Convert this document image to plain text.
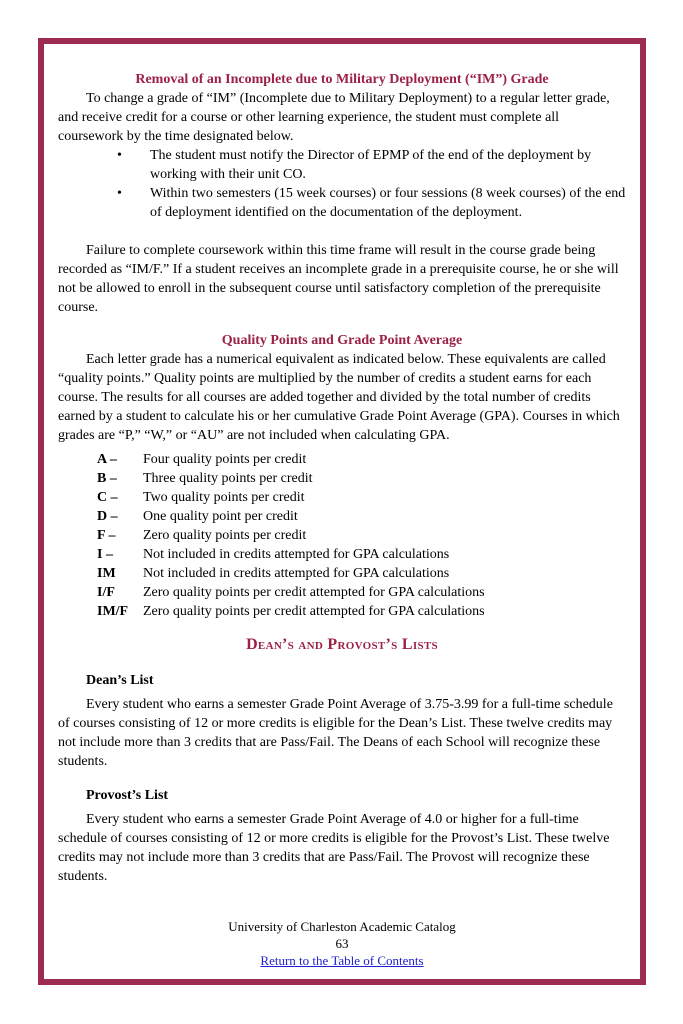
Removal of an Incomplete due to Military Deployment (“IM”) Grade

To change a grade of “IM” (Incomplete due to Military Deployment) to a regular letter grade, and receive credit for a course or other learning experience, the student must complete all coursework by the time designated below.

•	The student must notify the Director of EPMP of the end of the deployment by working with their unit CO.
•	Within two semesters (15 week courses) or four sessions (8 week courses) of the end of deployment identified on the documentation of the deployment.

Failure to complete coursework within this time frame will result in the course grade being recorded as “IM/F.” If a student receives an incomplete grade in a prerequisite course, he or she will not be allowed to enroll in the subsequent course until satisfactory completion of the prerequisite course.

Quality Points and Grade Point Average

Each letter grade has a numerical equivalent as indicated below. These equivalents are called “quality points.” Quality points are multiplied by the number of credits a student earns for each course. The results for all courses are added together and divided by the total number of credits earned by a student to calculate his or her cumulative Grade Point Average (GPA). Courses in which grades are “P,” “W,” or “AU” are not included when calculating GPA.

A –	Four quality points per credit
B –	Three quality points per credit
C –	Two quality points per credit
D –	One quality point per credit
F –	Zero quality points per credit
I –	Not included in credits attempted for GPA calculations
IM	Not included in credits attempted for GPA calculations
I/F	Zero quality points per credit attempted for GPA calculations
IM/F	Zero quality points per credit attempted for GPA calculations
Dean’s and Provost’s Lists
Dean’s List

Every student who earns a semester Grade Point Average of 3.75-3.99 for a full-time schedule of courses consisting of 12 or more credits is eligible for the Dean’s List. These twelve credits may not include more than 3 credits that are Pass/Fail. The Deans of each School will recognize these students.

Provost’s List

Every student who earns a semester Grade Point Average of 4.0 or higher for a full-time schedule of courses consisting of 12 or more credits is eligible for the Provost’s List. These twelve credits may not include more than 3 credits that are Pass/Fail. The Provost will recognize these students.

University of Charleston Academic Catalog
63
Return to the Table of Contents
